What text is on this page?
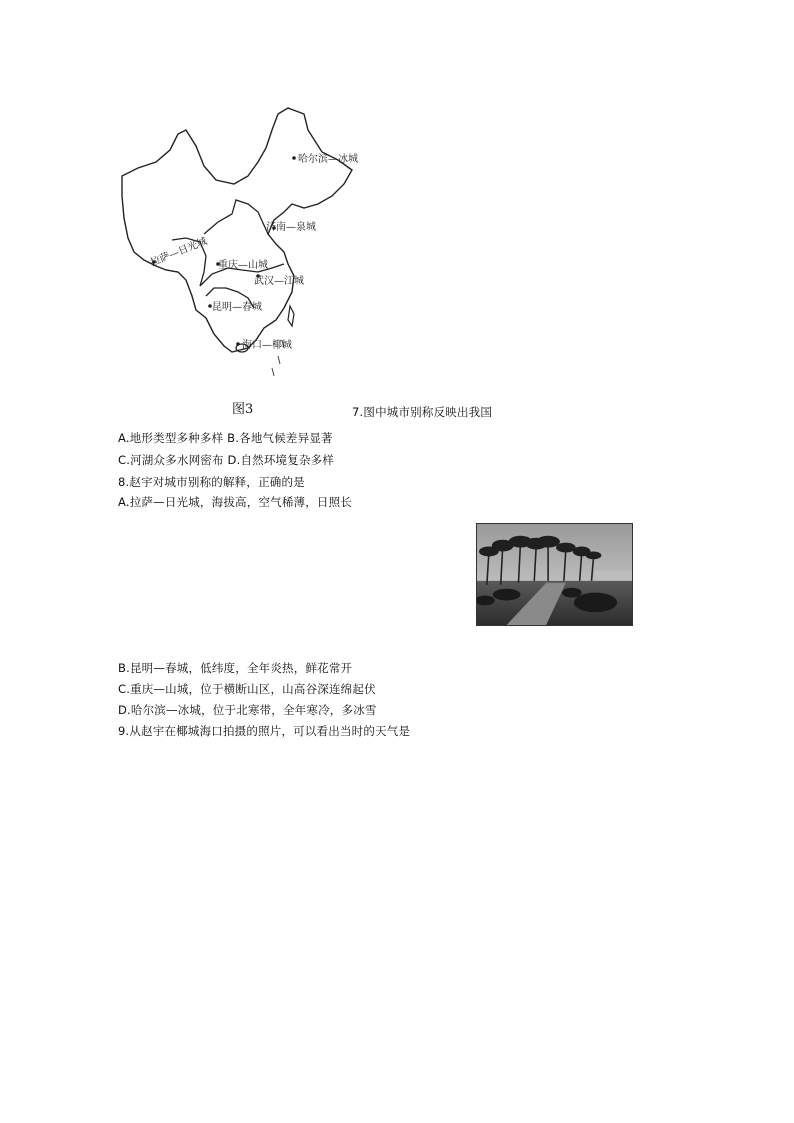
哈尔滨—冰城
济南—泉城
拉萨—日光城 重庆—山城
武汉—江城
昆明—春城
海口—椰城
图3	7.图中城市别称反映出我国
A.地形类型多种多样 B.各地气候差异显著
C.河湖众多水网密布 D.自然环境复杂多样
8.赵宇对城市别称的解释，正确的是
A.拉萨—日光城，海拔高，空气稀薄，日照长
B.昆明—春城，低纬度，全年炎热，鲜花常开
C.重庆—山城，位于横断山区，山高谷深连绵起伏
D.哈尔滨—冰城，位于北寒带，全年寒冷，多冰雪
9.从赵宇在椰城海口拍摄的照片，可以看出当时的天气是
